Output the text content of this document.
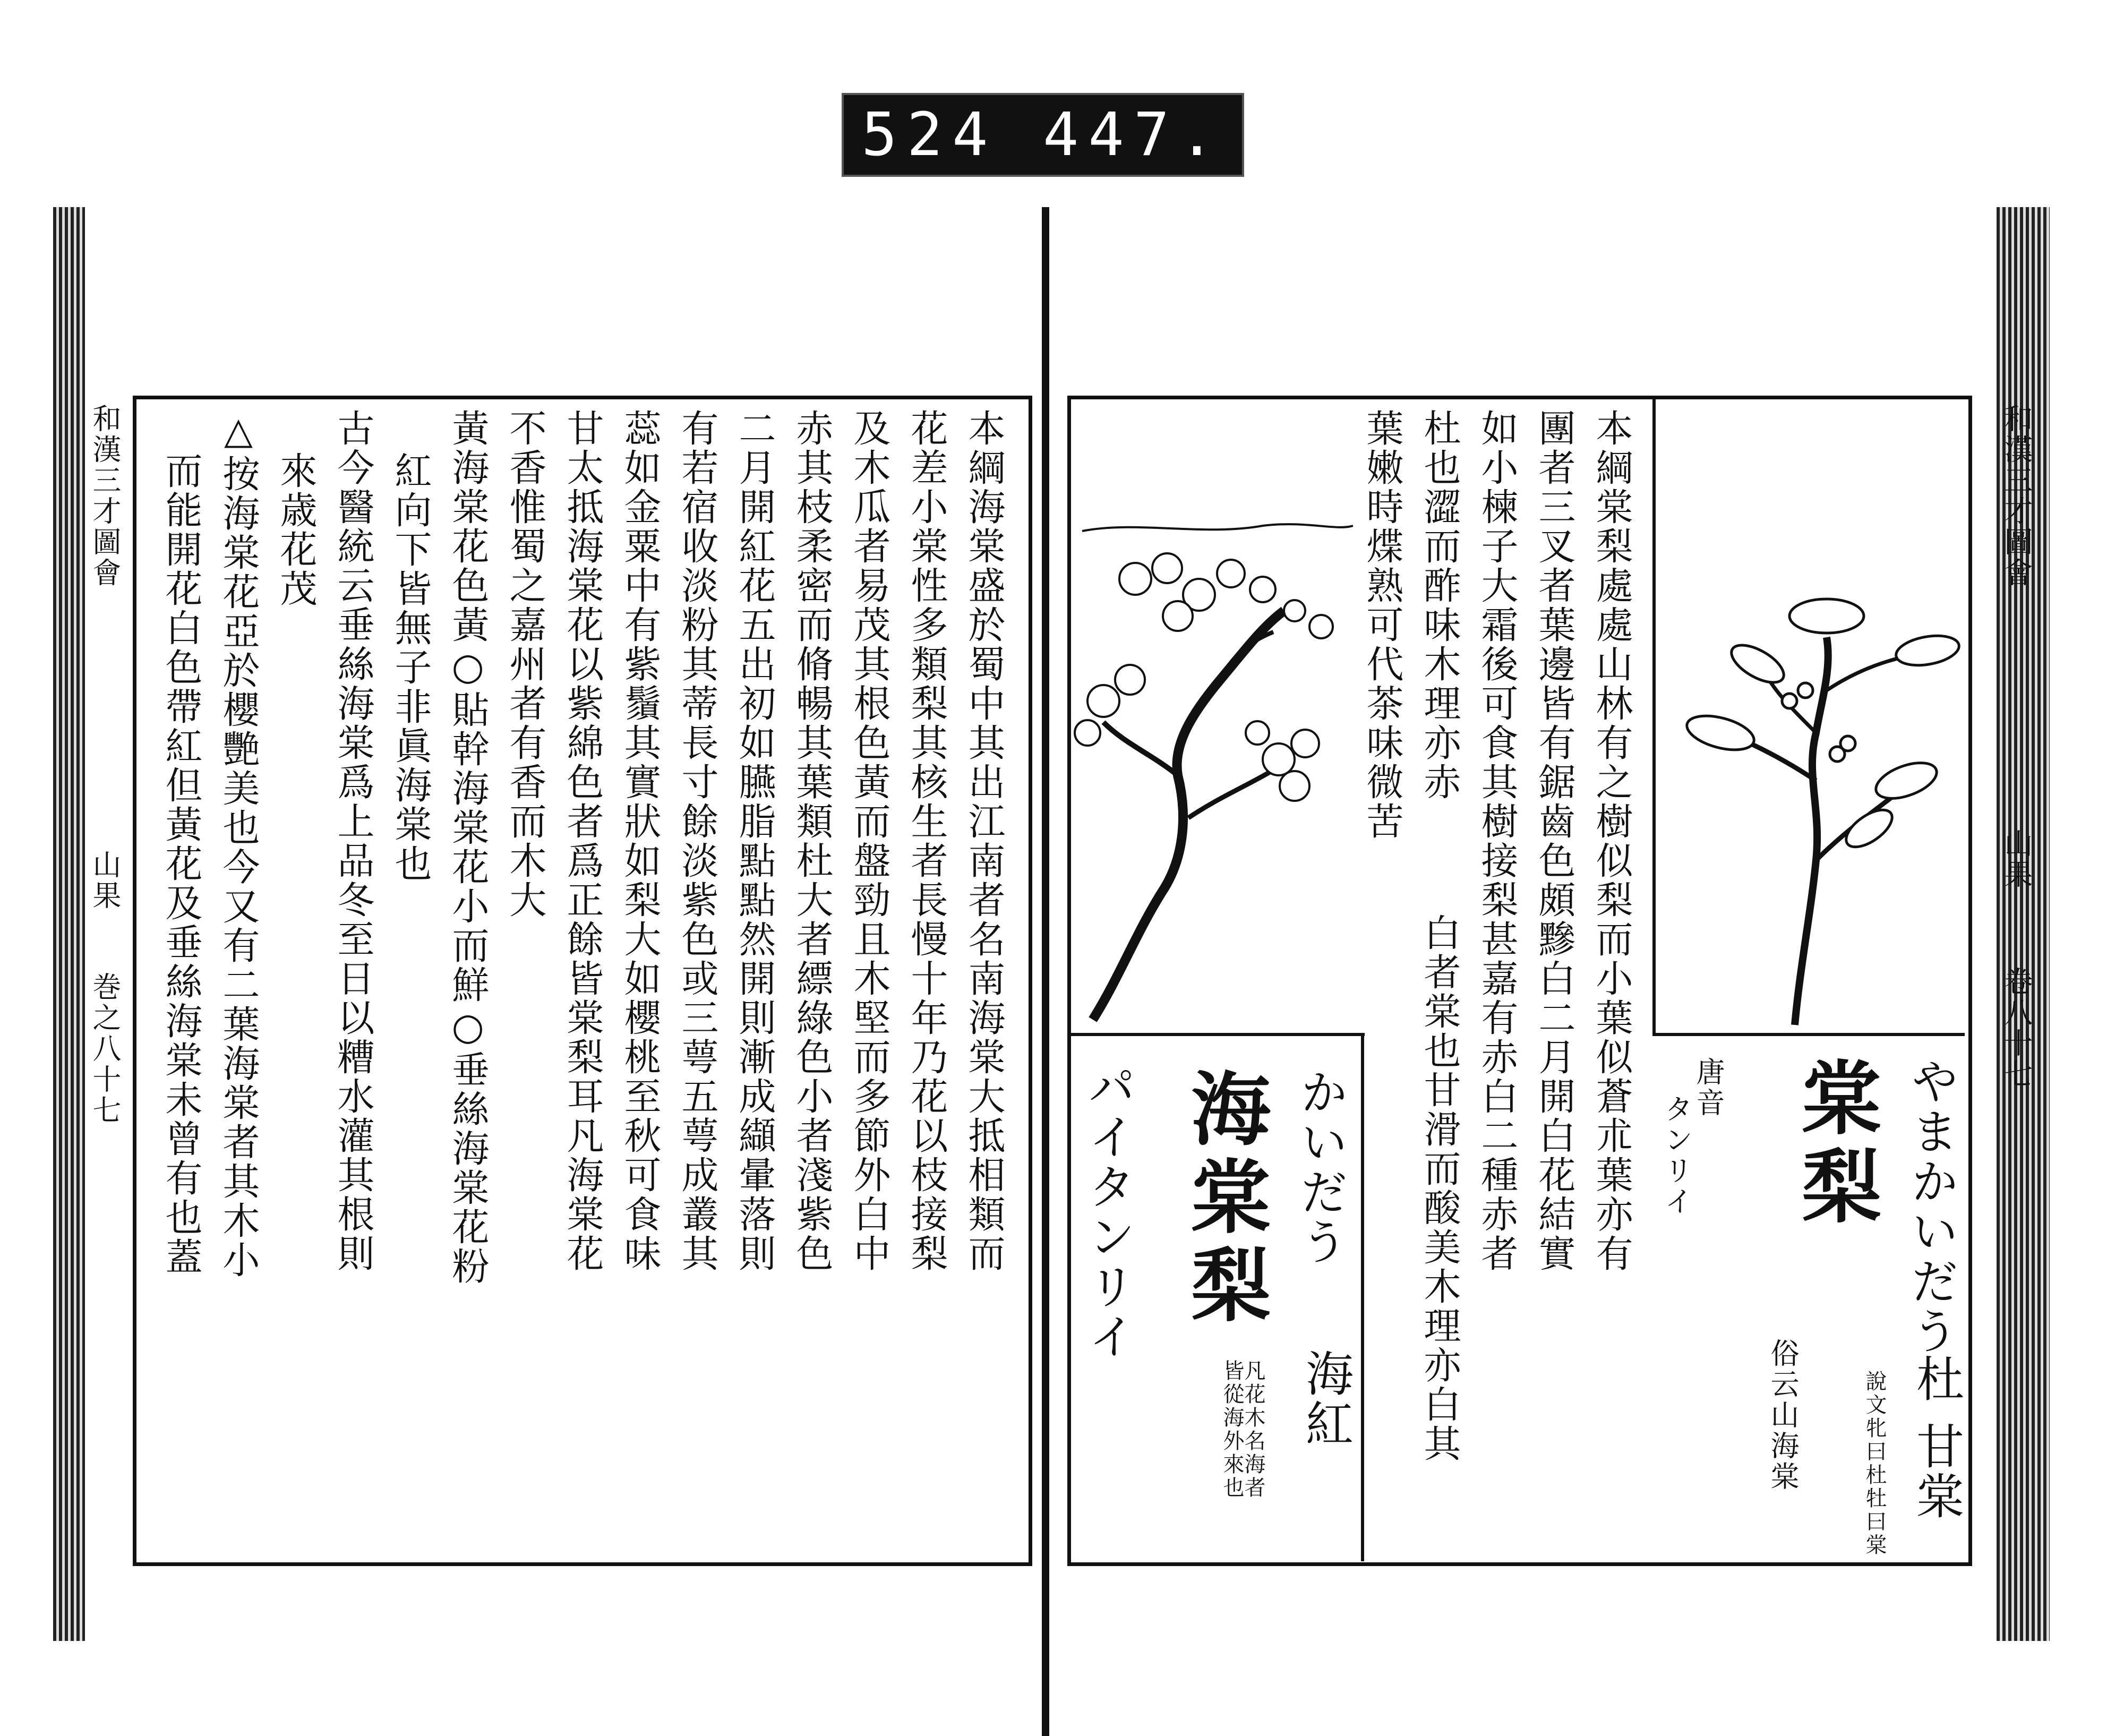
524 447.
和漢三才圖會
山果
巻之八十七	本綱海棠盛於蜀中其出江南者名南海棠大抵相類而
花差小棠性多類梨其核生者長慢十年乃花以枝接梨
及木瓜者易茂其根色黃而盤勁且木堅而多節外白中
赤其枝柔密而脩暢其葉類杜大者縹綠色小者淺紫色
二月開紅花五出初如臙脂點點然開則漸成纈暈落則
有若宿收淡粉其蒂長寸餘淡紫色或三萼五萼成叢其
蕊如金粟中有紫鬚其實狀如梨大如櫻桃至秋可食味
甘太抵海棠花以紫綿色者爲正餘皆棠梨耳凡海棠花
不香惟蜀之嘉州者有香而木大
黃海棠花色黃○貼幹海棠花小而鮮○垂絲海棠花粉
紅向下皆無子非眞海棠也
古今醫統云垂絲海棠爲上品冬至日以糟水灌其根則
來歳花茂
△按海棠花亞於櫻艷美也今又有二葉海棠者其木小
而能開花白色帶紅但黃花及垂絲海棠未曾有也蓋	和漢三才圖會
山果
卷八十七
棠梨 やまかいだう
唐音
タンリイ
杜 甘棠
說文牝曰杜牡曰棠
俗云山海棠
海棠梨 かいだう
パイタンリイ
海紅
凡花木名海者皆從海外來也
本綱棠梨處處山林有之樹似梨而小葉似蒼朮葉亦有
團者三叉者葉邊皆有鋸齒色頗黲白二月開白花結實
如小楝子大霜後可食其樹接梨甚嘉有赤白二種赤者
杜也澀而酢味木理亦赤
白者棠也甘滑而酸美木理亦白其
葉嫩時煠熟可代茶味微苦
